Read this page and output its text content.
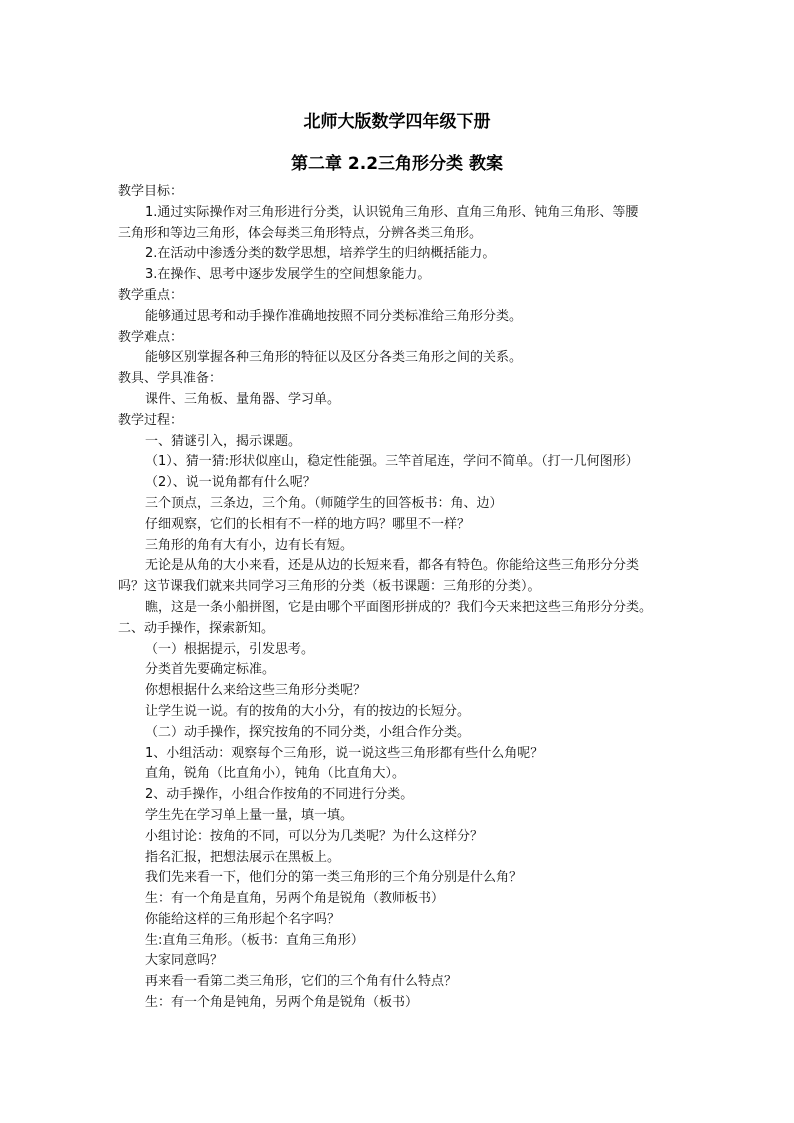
北师大版数学四年级下册
第二章 2.2三角形分类 教案
教学目标：
1.通过实际操作对三角形进行分类，认识锐角三角形、直角三角形、钝角三角形、等腰
三角形和等边三角形，体会每类三角形特点，分辨各类三角形。
2.在活动中渗透分类的数学思想，培养学生的归纳概括能力。
3.在操作、思考中逐步发展学生的空间想象能力。
教学重点：
能够通过思考和动手操作准确地按照不同分类标准给三角形分类。
教学难点：
能够区别掌握各种三角形的特征以及区分各类三角形之间的关系。
教具、学具准备：
课件、三角板、量角器、学习单。
教学过程：
一、猜谜引入，揭示课题。
（1）、猜一猜:形状似座山，稳定性能强。三竿首尾连，学问不简单。（打一几何图形）
（2）、说一说角都有什么呢？
三个顶点，三条边，三个角。（师随学生的回答板书：角、边）
仔细观察，它们的长相有不一样的地方吗？哪里不一样？
三角形的角有大有小，边有长有短。
无论是从角的大小来看，还是从边的长短来看，都各有特色。你能给这些三角形分分类
吗？这节课我们就来共同学习三角形的分类（板书课题：三角形的分类）。
瞧，这是一条小船拼图，它是由哪个平面图形拼成的？我们今天来把这些三角形分分类。
二、动手操作，探索新知。
（一）根据提示，引发思考。
分类首先要确定标准。
你想根据什么来给这些三角形分类呢？
让学生说一说。有的按角的大小分，有的按边的长短分。
（二）动手操作，探究按角的不同分类，小组合作分类。
1、小组活动：观察每个三角形，说一说这些三角形都有些什么角呢？
直角，锐角（比直角小），钝角（比直角大）。
2、动手操作，小组合作按角的不同进行分类。
学生先在学习单上量一量，填一填。
小组讨论：按角的不同，可以分为几类呢？为什么这样分？
指名汇报，把想法展示在黑板上。
我们先来看一下，他们分的第一类三角形的三个角分别是什么角？
生：有一个角是直角，另两个角是锐角（教师板书）
你能给这样的三角形起个名字吗？
生:直角三角形。（板书：直角三角形）
大家同意吗？
再来看一看第二类三角形，它们的三个角有什么特点？
生：有一个角是钝角，另两个角是锐角（板书）
